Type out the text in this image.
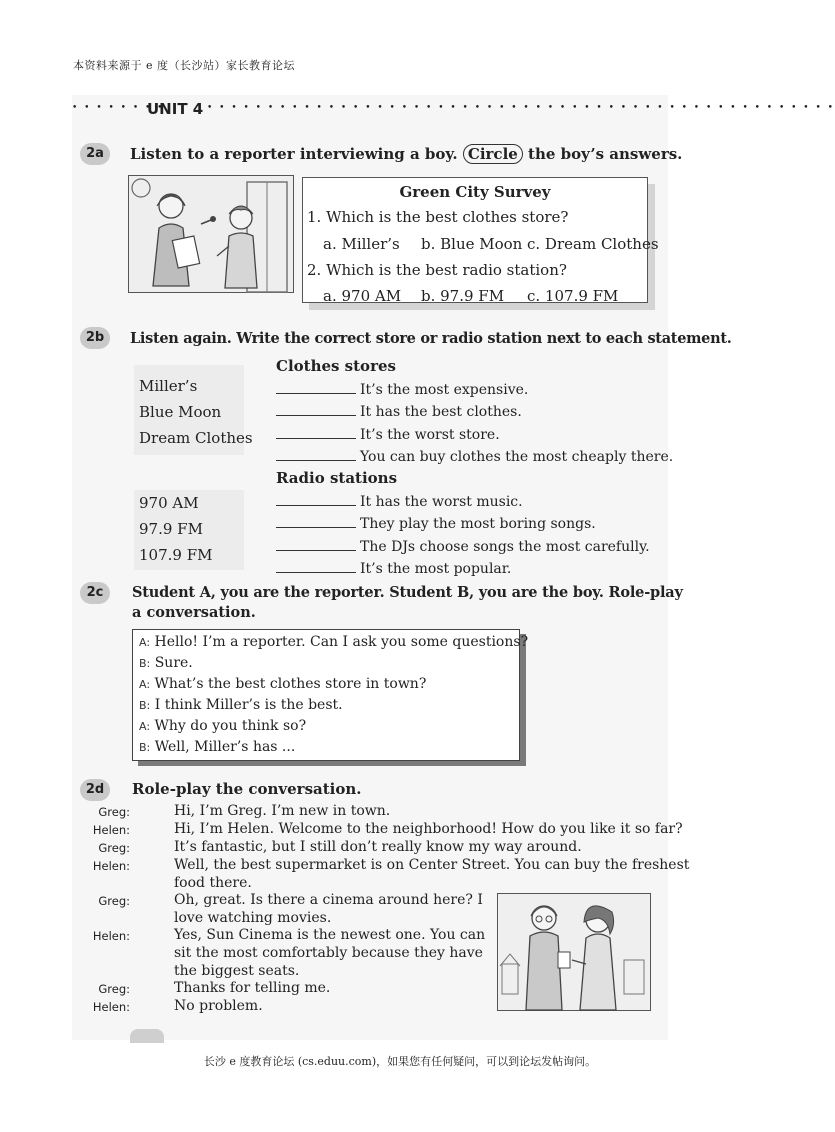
本资料来源于 e 度（长沙站）家长教育论坛
长沙 e 度教育论坛 (cs.eduu.com)，如果您有任何疑问，可以到论坛发帖询问。
• • • • • • • •
UNIT 4 • • • • • • • • • • • • • • • • • • • • • • • • • • • • • • • • • • • • • • • • • • • • • • • • • • • •
2a	Listen to a reporter interviewing a boy. Circle the boy’s answers.
Green City Survey
1. Which is the best clothes store?
a. Miller’s b. Blue Moon c. Dream Clothes
2. Which is the best radio station?
a. 970 AM b. 97.9 FM c. 107.9 FM
2b	Listen again. Write the correct store or radio station next to each statement.
Clothes stores
Miller’s
Blue Moon
Dream Clothes
It’s the most expensive.
It has the best clothes.
It’s the worst store.
You can buy clothes the most cheaply there.
Radio stations
970 AM
97.9 FM
107.9 FM
It has the worst music.
They play the most boring songs.
The DJs choose songs the most carefully.
It’s the most popular.
2c	Student A, you are the reporter. Student B, you are the boy. Role-play
a conversation.
A: Hello! I’m a reporter. Can I ask you some questions?
B: Sure.
A: What’s the best clothes store in town?
B: I think Miller’s is the best.
A: Why do you think so?
B: Well, Miller’s has ...
2d	Role-play the conversation.
Greg:	Hi, I’m Greg. I’m new in town.
Helen:	Hi, I’m Helen. Welcome to the neighborhood! How do you like it so far?
Greg:	It’s fantastic, but I still don’t really know my way around.
Helen:	Well, the best supermarket is on Center Street. You can buy the freshest
food there.
Greg:	Oh, great. Is there a cinema around here? I
love watching movies.
Helen:	Yes, Sun Cinema is the newest one. You can
sit the most comfortably because they have
the biggest seats.
Greg:	Thanks for telling me.
Helen:	No problem.
